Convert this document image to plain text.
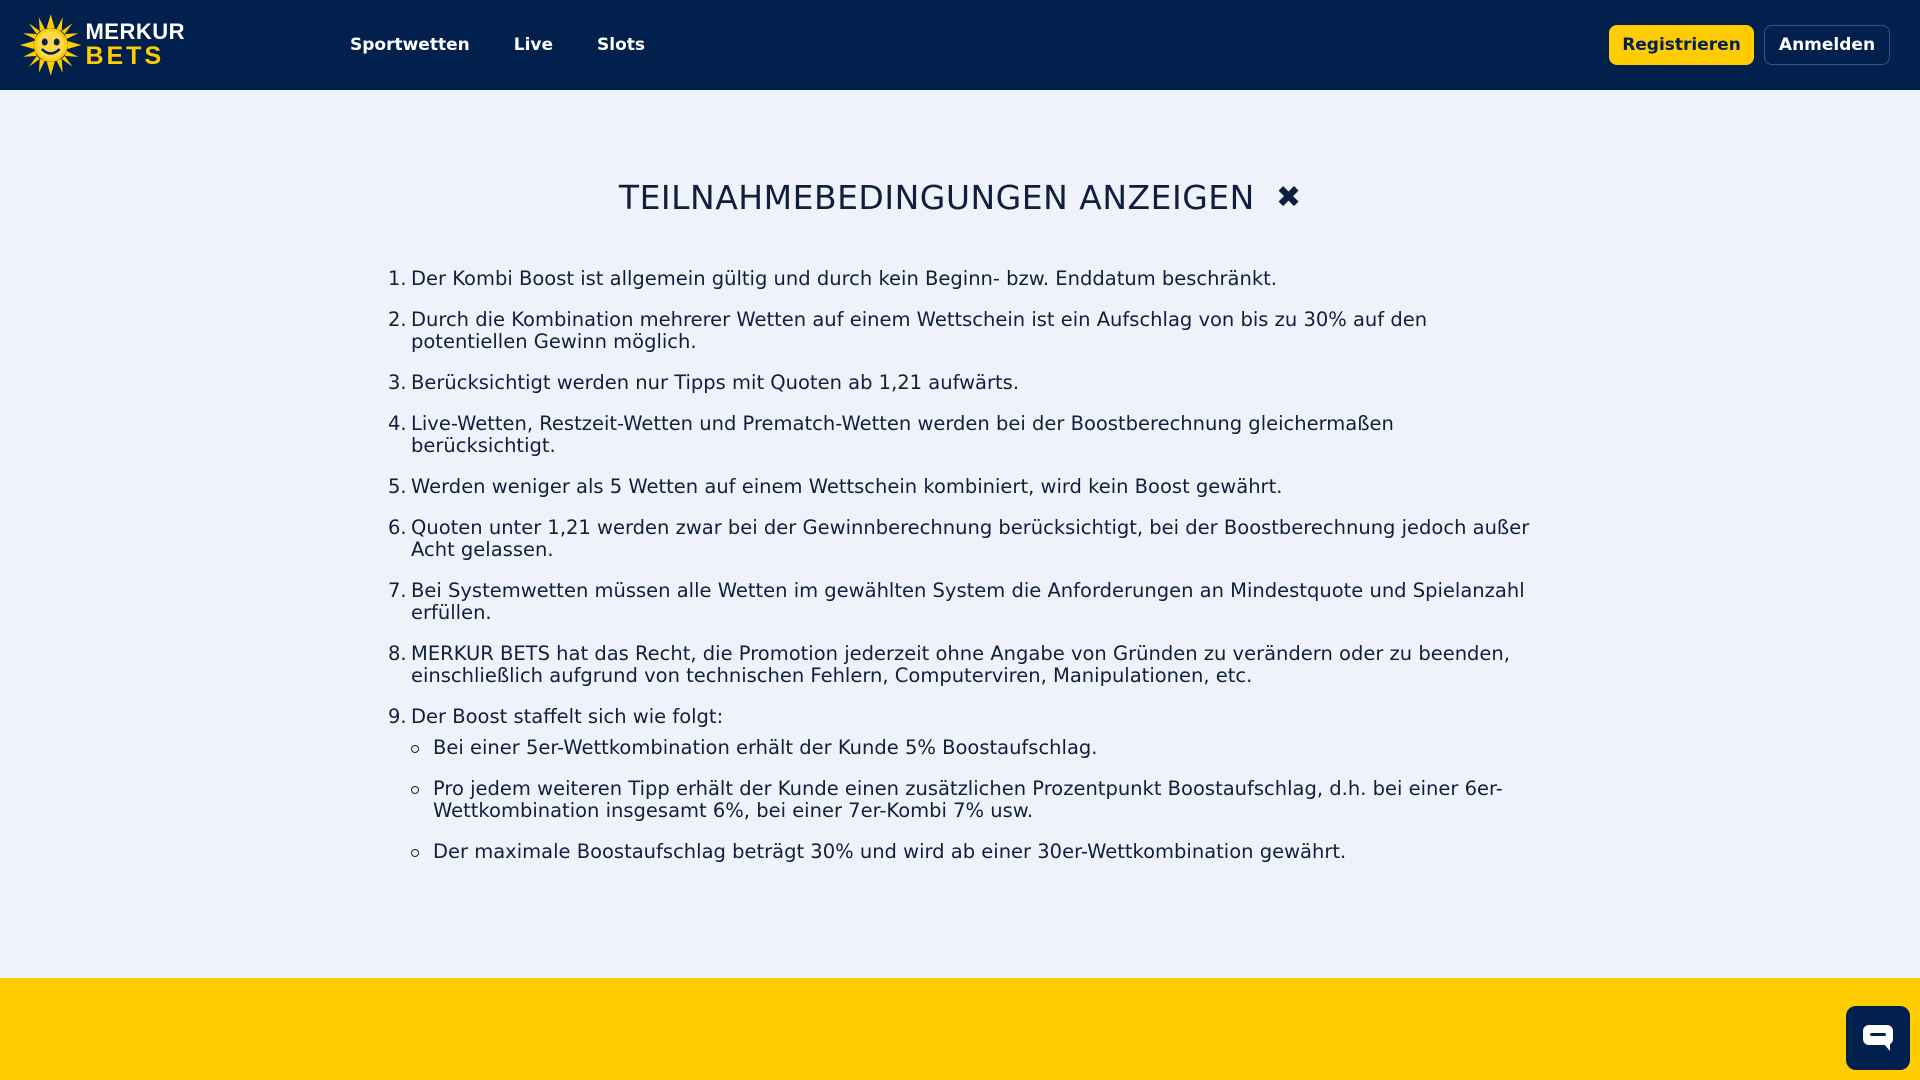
MERKUR
BETS	Sportwetten	Live	Slots	Registrieren	Anmelden
TEILNAHMEBEDINGUNGEN ANZEIGEN ✖
1. Der Kombi Boost ist allgemein gültig und durch kein Beginn- bzw. Enddatum beschränkt.
2. Durch die Kombination mehrerer Wetten auf einem Wettschein ist ein Aufschlag von bis zu 30% auf den potentiellen Gewinn möglich.
3. Berücksichtigt werden nur Tipps mit Quoten ab 1,21 aufwärts.
4. Live-Wetten, Restzeit-Wetten und Prematch-Wetten werden bei der Boostberechnung gleichermaßen berücksichtigt.
5. Werden weniger als 5 Wetten auf einem Wettschein kombiniert, wird kein Boost gewährt.
6. Quoten unter 1,21 werden zwar bei der Gewinnberechnung berücksichtigt, bei der Boostberechnung jedoch außer Acht gelassen.
7. Bei Systemwetten müssen alle Wetten im gewählten System die Anforderungen an Mindestquote und Spielanzahl erfüllen.
8. MERKUR BETS hat das Recht, die Promotion jederzeit ohne Angabe von Gründen zu verändern oder zu beenden, einschließlich aufgrund von technischen Fehlern, Computerviren, Manipulationen, etc.
9. Der Boost staffelt sich wie folgt:
Bei einer 5er-Wettkombination erhält der Kunde 5% Boostaufschlag.
Pro jedem weiteren Tipp erhält der Kunde einen zusätzlichen Prozentpunkt Boostaufschlag, d.h. bei einer 6er-Wettkombination insgesamt 6%, bei einer 7er-Kombi 7% usw.
Der maximale Boostaufschlag beträgt 30% und wird ab einer 30er-Wettkombination gewährt.
